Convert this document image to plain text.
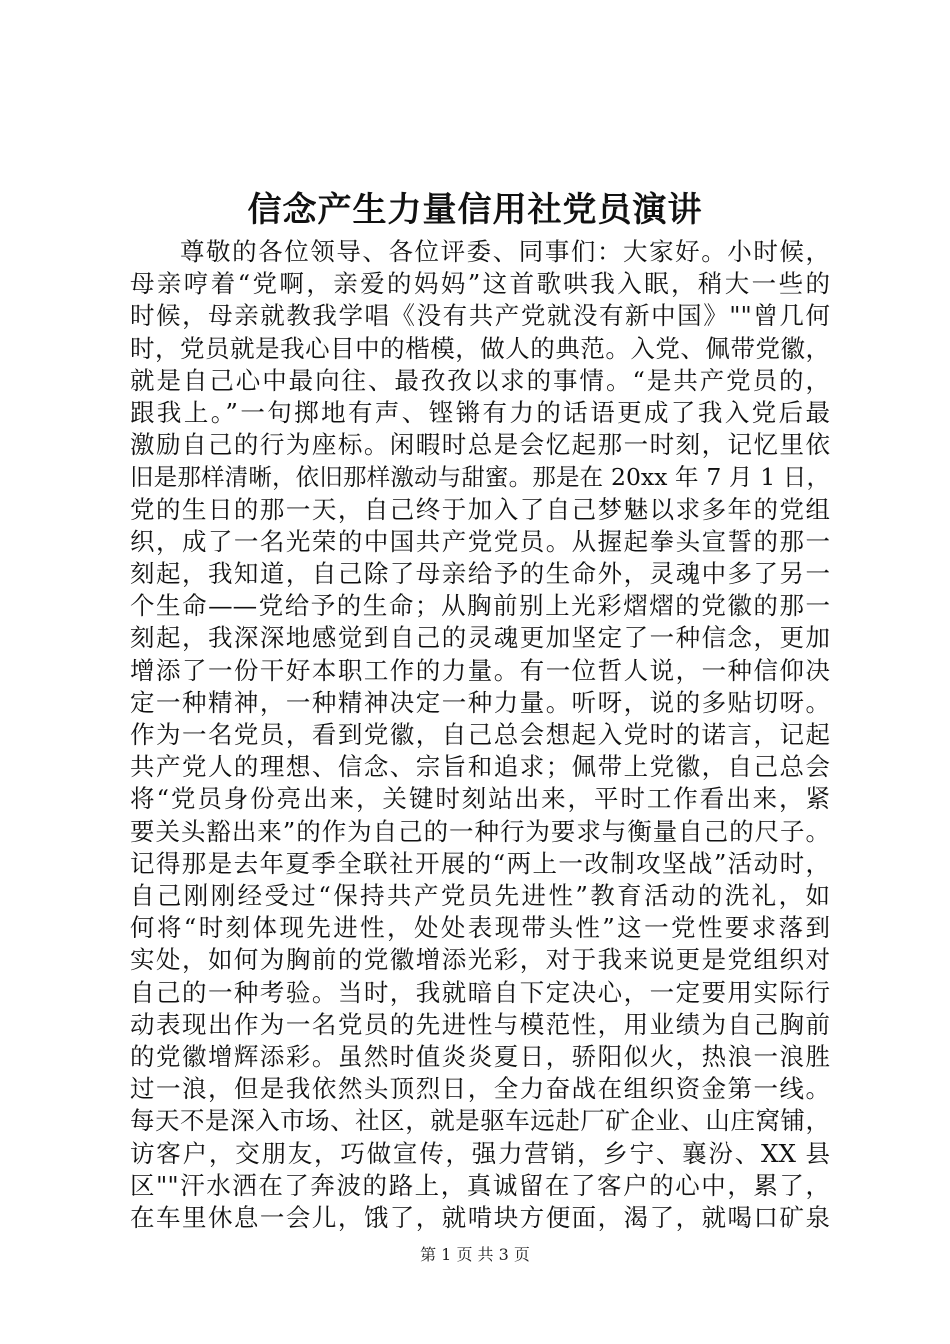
信念产生力量信用社党员演讲
尊敬的各位领导、各位评委、同事们：大家好。小时候，
母亲哼着“党啊，亲爱的妈妈”这首歌哄我入眠，稍大一些的
时候，母亲就教我学唱《没有共产党就没有新中国》""曾几何
时，党员就是我心目中的楷模，做人的典范。入党、佩带党徽，
就是自己心中最向往、最孜孜以求的事情。“是共产党员的，
跟我上。”一句掷地有声、铿锵有力的话语更成了我入党后最
激励自己的行为座标。闲暇时总是会忆起那一时刻，记忆里依
旧是那样清晰，依旧那样激动与甜蜜。那是在 20xx 年 7 月 1 日，
党的生日的那一天，自己终于加入了自己梦魅以求多年的党组
织，成了一名光荣的中国共产党党员。从握起拳头宣誓的那一
刻起，我知道，自己除了母亲给予的生命外，灵魂中多了另一
个生命——党给予的生命；从胸前别上光彩熠熠的党徽的那一
刻起，我深深地感觉到自己的灵魂更加坚定了一种信念，更加
增添了一份干好本职工作的力量。有一位哲人说，一种信仰决
定一种精神，一种精神决定一种力量。听呀，说的多贴切呀。
作为一名党员，看到党徽，自己总会想起入党时的诺言，记起
共产党人的理想、信念、宗旨和追求；佩带上党徽，自己总会
将“党员身份亮出来，关键时刻站出来，平时工作看出来，紧
要关头豁出来”的作为自己的一种行为要求与衡量自己的尺子。
记得那是去年夏季全联社开展的“两上一改制攻坚战”活动时，
自己刚刚经受过“保持共产党员先进性”教育活动的洗礼，如
何将“时刻体现先进性，处处表现带头性”这一党性要求落到
实处，如何为胸前的党徽增添光彩，对于我来说更是党组织对
自己的一种考验。当时，我就暗自下定决心，一定要用实际行
动表现出作为一名党员的先进性与模范性，用业绩为自己胸前
的党徽增辉添彩。虽然时值炎炎夏日，骄阳似火，热浪一浪胜
过一浪，但是我依然头顶烈日，全力奋战在组织资金第一线。
每天不是深入市场、社区，就是驱车远赴厂矿企业、山庄窝铺，
访客户，交朋友，巧做宣传，强力营销，乡宁、襄汾、XX 县
区""汗水洒在了奔波的路上，真诚留在了客户的心中，累了，
在车里休息一会儿，饿了，就啃块方便面，渴了，就喝口矿泉
第 1 页 共 3 页
